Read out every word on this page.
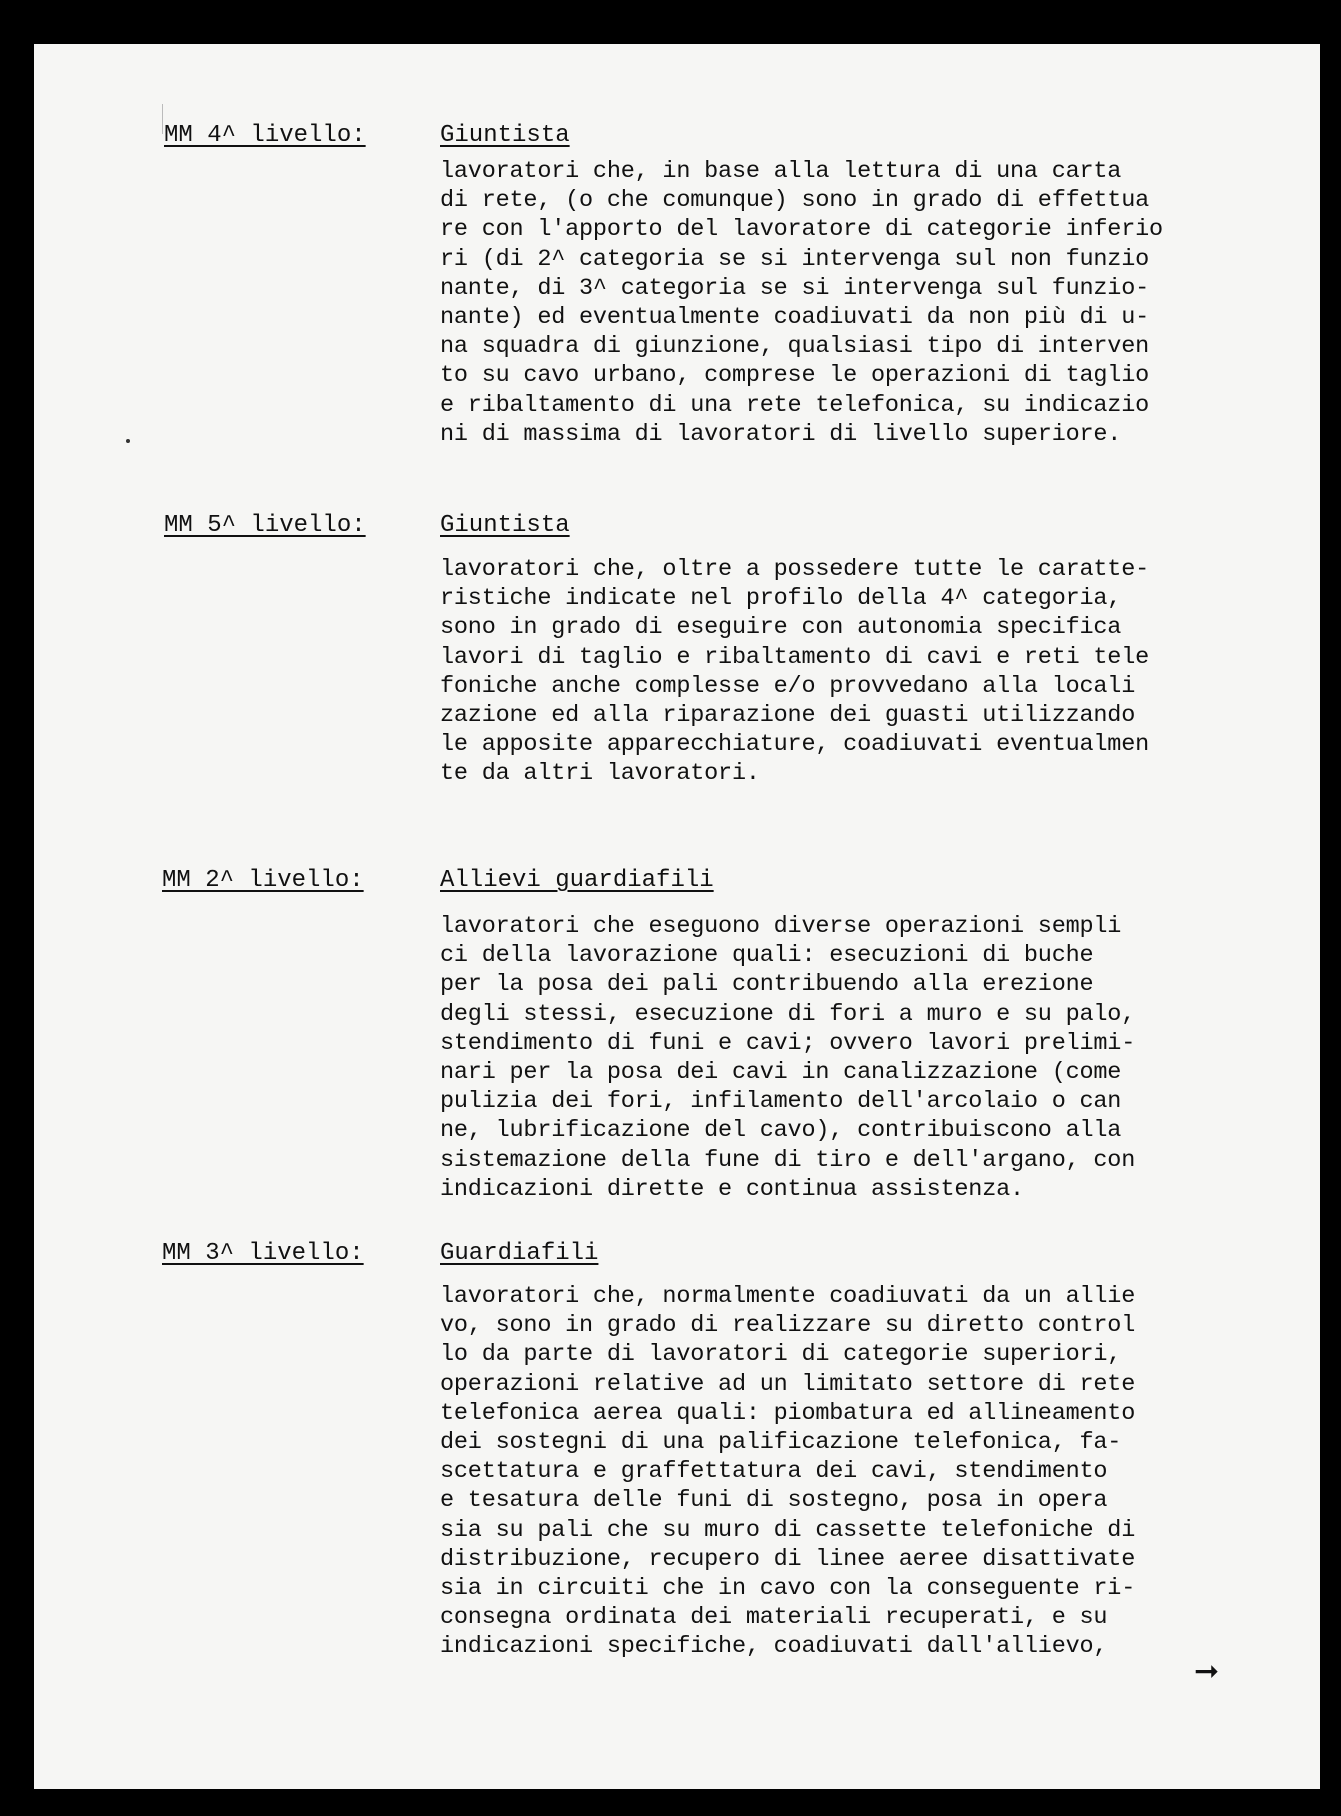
MM 4^ livello:	Giuntista
lavoratori che, in base alla lettura di una carta
di rete, (o che comunque) sono in grado di effettua
re con l'apporto del lavoratore di categorie inferio
ri (di 2^ categoria se si intervenga sul non funzio
nante, di 3^ categoria se si intervenga sul funzio-
nante) ed eventualmente coadiuvati da non più di u-
na squadra di giunzione, qualsiasi tipo di interven
to su cavo urbano, comprese le operazioni di taglio
e ribaltamento di una rete telefonica, su indicazio
ni di massima di lavoratori di livello superiore.
MM 5^ livello:	Giuntista
lavoratori che, oltre a possedere tutte le caratte-
ristiche indicate nel profilo della 4^ categoria,
sono in grado di eseguire con autonomia specifica
lavori di taglio e ribaltamento di cavi e reti tele
foniche anche complesse e/o provvedano alla locali
zazione ed alla riparazione dei guasti utilizzando
le apposite apparecchiature, coadiuvati eventualmen
te da altri lavoratori.
MM 2^ livello:	Allievi guardiafili
lavoratori che eseguono diverse operazioni sempli
ci della lavorazione quali: esecuzioni di buche
per la posa dei pali contribuendo alla erezione
degli stessi, esecuzione di fori a muro e su palo,
stendimento di funi e cavi; ovvero lavori prelimi-
nari per la posa dei cavi in canalizzazione (come
pulizia dei fori, infilamento dell'arcolaio o can
ne, lubrificazione del cavo), contribuiscono alla
sistemazione della fune di tiro e dell'argano, con
indicazioni dirette e continua assistenza.
MM 3^ livello:	Guardiafili
lavoratori che, normalmente coadiuvati da un allie
vo, sono in grado di realizzare su diretto control
lo da parte di lavoratori di categorie superiori,
operazioni relative ad un limitato settore di rete
telefonica aerea quali: piombatura ed allineamento
dei sostegni di una palificazione telefonica, fa-
scettatura e graffettatura dei cavi, stendimento
e tesatura delle funi di sostegno, posa in opera
sia su pali che su muro di cassette telefoniche di
distribuzione, recupero di linee aeree disattivate
sia in circuiti che in cavo con la conseguente ri-
consegna ordinata dei materiali recuperati, e su
indicazioni specifiche, coadiuvati dall'allievo,
➞
